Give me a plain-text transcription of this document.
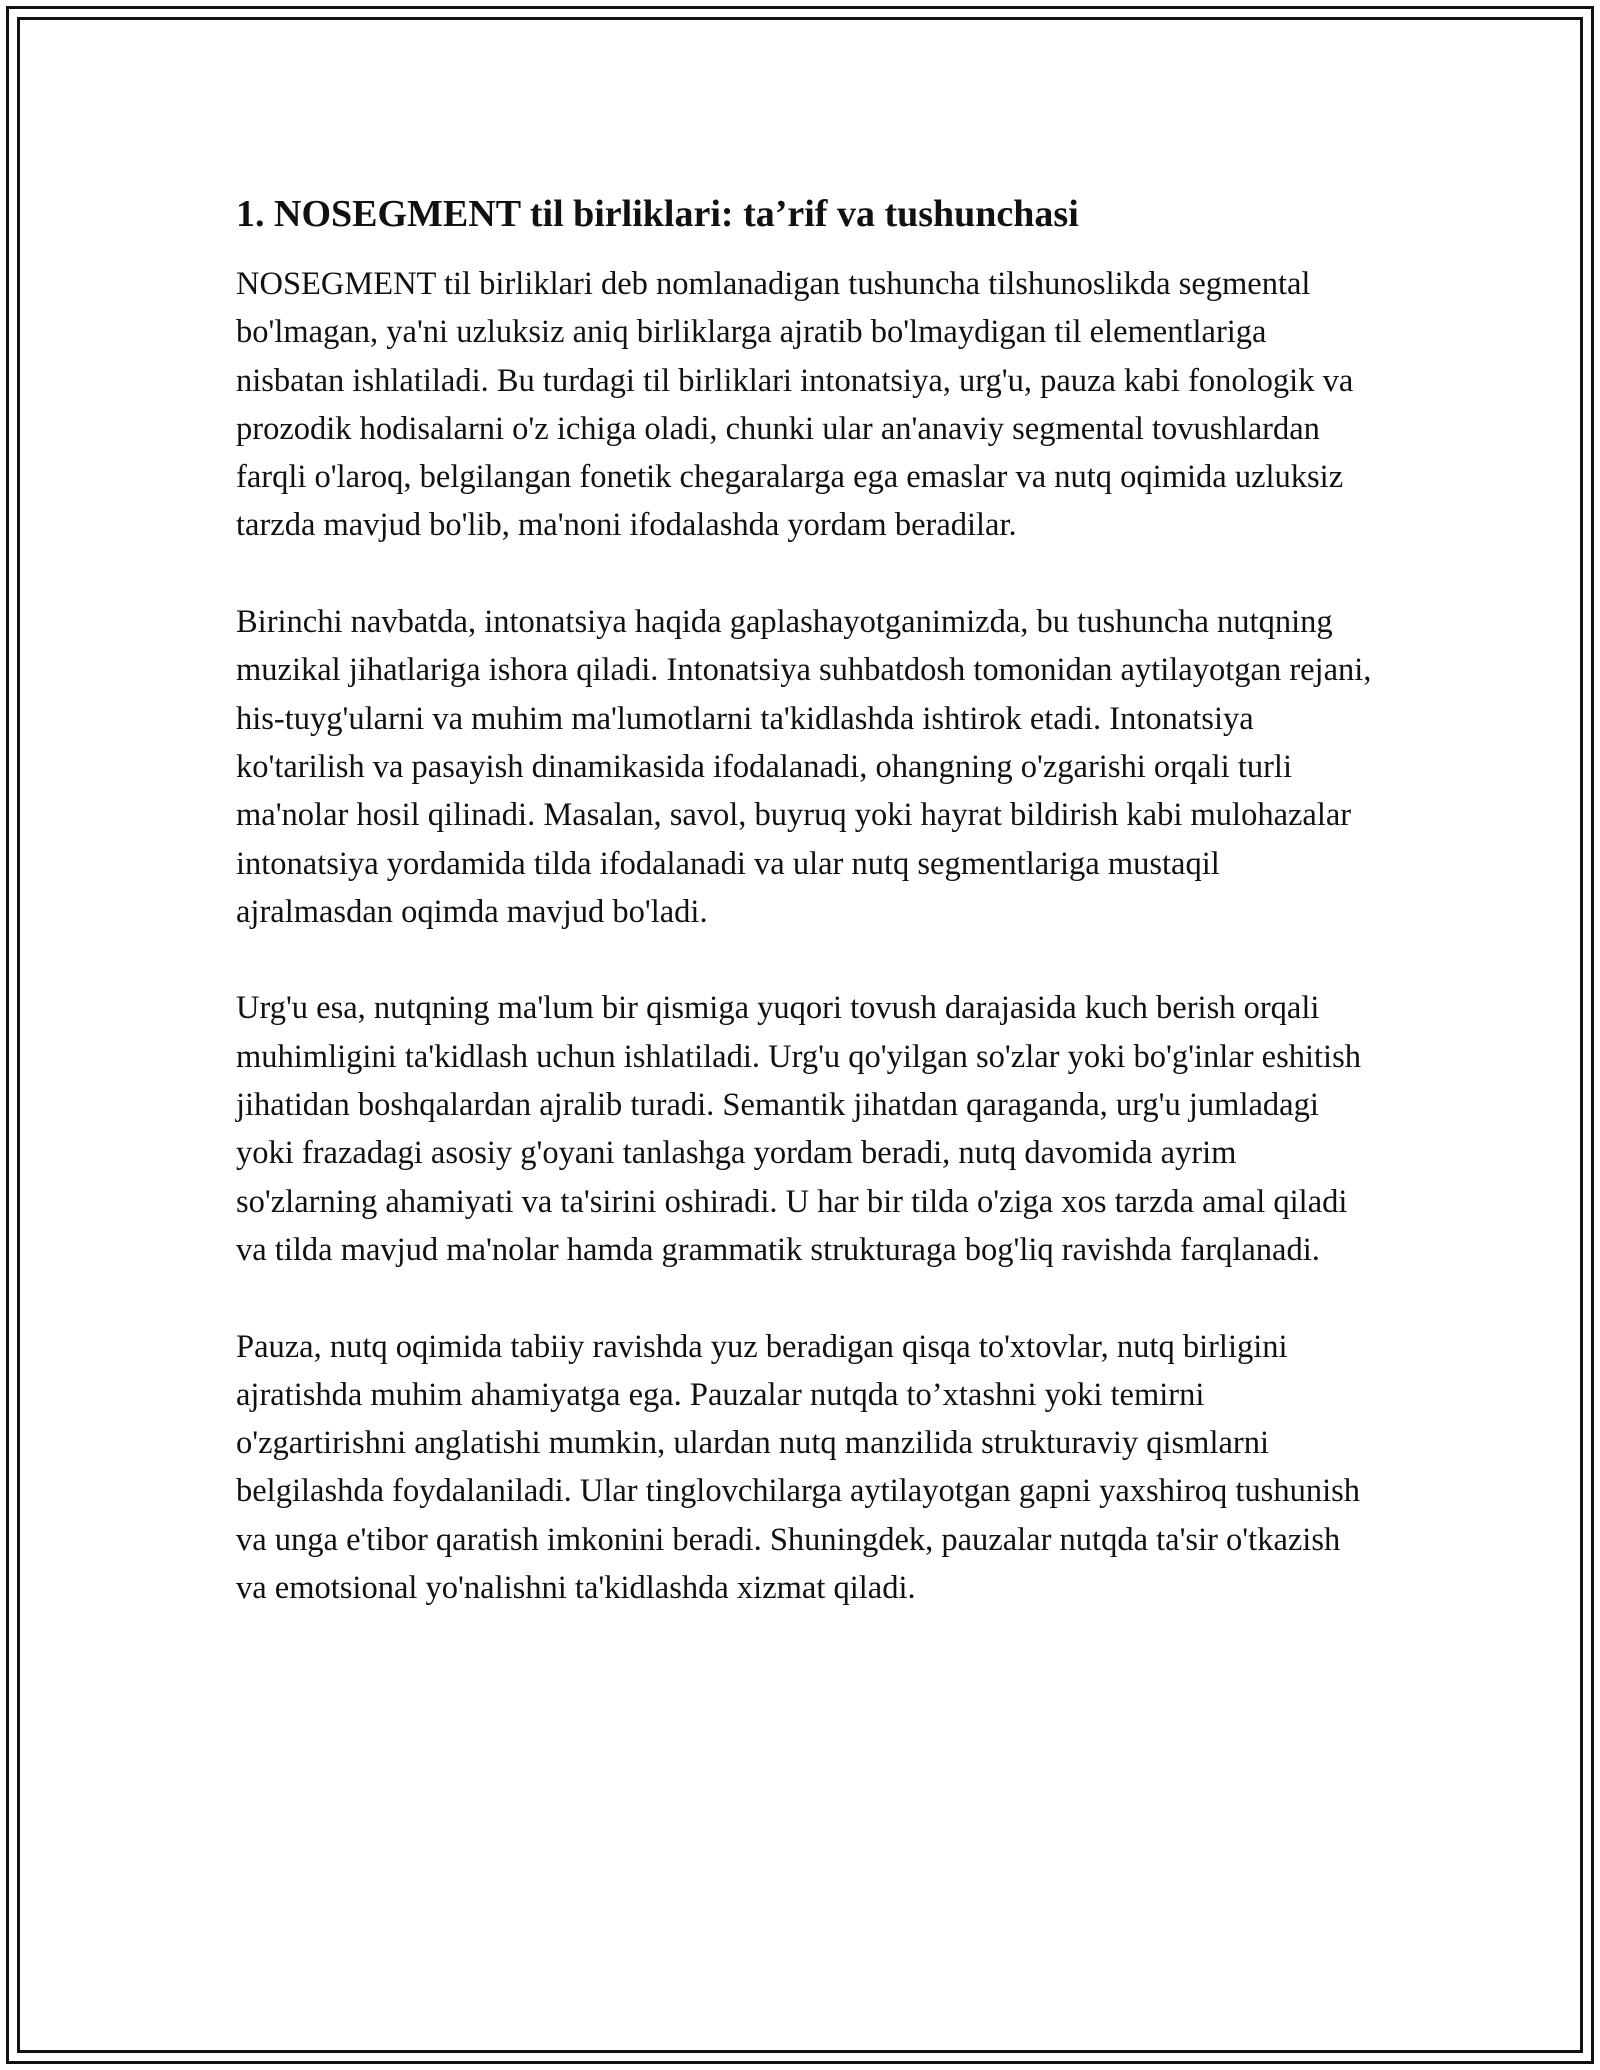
1. NOSEGMENT til birliklari: ta’rif va tushunchasi

NOSEGMENT til birliklari deb nomlanadigan tushuncha tilshunoslikda segmental bo'lmagan, ya'ni uzluksiz aniq birliklarga ajratib bo'lmaydigan til elementlariga nisbatan ishlatiladi. Bu turdagi til birliklari intonatsiya, urg'u, pauza kabi fonologik va prozodik hodisalarni o'z ichiga oladi, chunki ular an'anaviy segmental tovushlardan farqli o'laroq, belgilangan fonetik chegaralarga ega emaslar va nutq oqimida uzluksiz tarzda mavjud bo'lib, ma'noni ifodalashda yordam beradilar.

Birinchi navbatda, intonatsiya haqida gaplashayotganimizda, bu tushuncha nutqning muzikal jihatlariga ishora qiladi. Intonatsiya suhbatdosh tomonidan aytilayotgan rejani, his-tuyg'ularni va muhim ma'lumotlarni ta'kidlashda ishtirok etadi. Intonatsiya ko'tarilish va pasayish dinamikasida ifodalanadi, ohangning o'zgarishi orqali turli ma'nolar hosil qilinadi. Masalan, savol, buyruq yoki hayrat bildirish kabi mulohazalar intonatsiya yordamida tilda ifodalanadi va ular nutq segmentlariga mustaqil ajralmasdan oqimda mavjud bo'ladi.

Urg'u esa, nutqning ma'lum bir qismiga yuqori tovush darajasida kuch berish orqali muhimligini ta'kidlash uchun ishlatiladi. Urg'u qo'yilgan so'zlar yoki bo'g'inlar eshitish jihatidan boshqalardan ajralib turadi. Semantik jihatdan qaraganda, urg'u jumladagi yoki frazadagi asosiy g'oyani tanlashga yordam beradi, nutq davomida ayrim so'zlarning ahamiyati va ta'sirini oshiradi. U har bir tilda o'ziga xos tarzda amal qiladi va tilda mavjud ma'nolar hamda grammatik strukturaga bog'liq ravishda farqlanadi.

Pauza, nutq oqimida tabiiy ravishda yuz beradigan qisqa to'xtovlar, nutq birligini ajratishda muhim ahamiyatga ega. Pauzalar nutqda to’xtashni yoki temirni o'zgartirishni anglatishi mumkin, ulardan nutq manzilida strukturaviy qismlarni belgilashda foydalaniladi. Ular tinglovchilarga aytilayotgan gapni yaxshiroq tushunish va unga e'tibor qaratish imkonini beradi. Shuningdek, pauzalar nutqda ta'sir o'tkazish va emotsional yo'nalishni ta'kidlashda xizmat qiladi.
